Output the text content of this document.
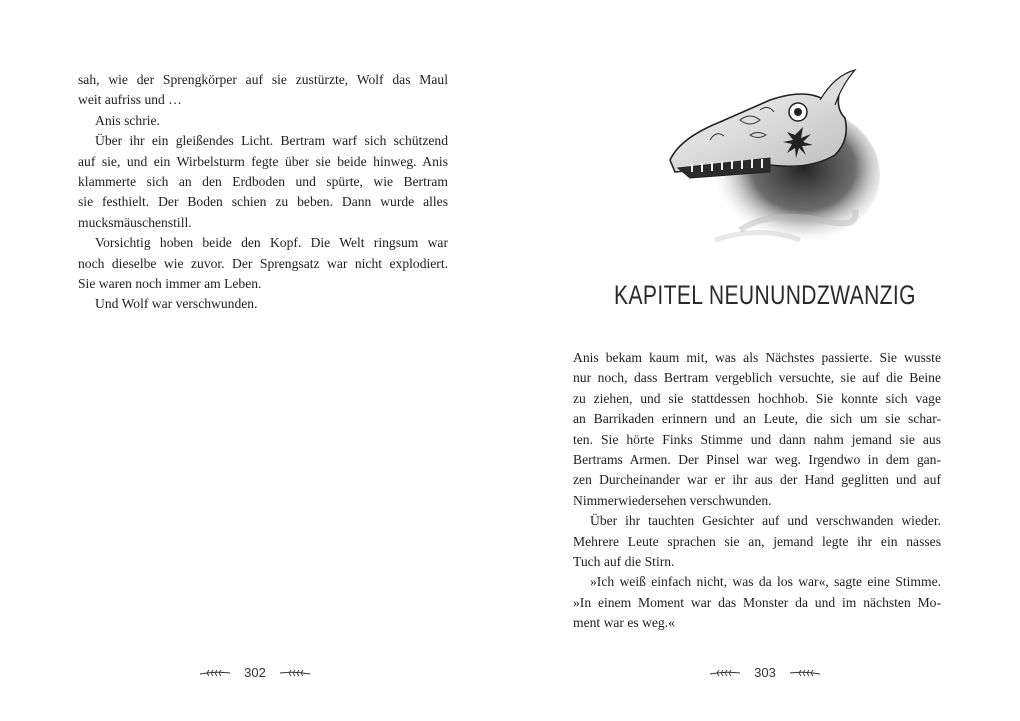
sah, wie der Sprengkörper auf sie zustürzte, Wolf das Maul
weit aufriss und …

Anis schrie.

Über ihr ein gleißendes Licht. Bertram warf sich schützend
auf sie, und ein Wirbelsturm fegte über sie beide hinweg. Anis
klammerte sich an den Erdboden und spürte, wie Bertram
sie festhielt. Der Boden schien zu beben. Dann wurde alles
mucksmäuschenstill.

Vorsichtig hoben beide den Kopf. Die Welt ringsum war
noch dieselbe wie zuvor. Der Sprengsatz war nicht explodiert.
Sie waren noch immer am Leben.

Und Wolf war verschwunden.

302
KAPITEL NEUNUNDZWANZIG

Anis bekam kaum mit, was als Nächstes passierte. Sie wusste
nur noch, dass Bertram vergeblich versuchte, sie auf die Beine
zu ziehen, und sie stattdessen hochhob. Sie konnte sich vage
an Barrikaden erinnern und an Leute, die sich um sie schar-
ten. Sie hörte Finks Stimme und dann nahm jemand sie aus
Bertrams Armen. Der Pinsel war weg. Irgendwo in dem gan-
zen Durcheinander war er ihr aus der Hand geglitten und auf
Nimmerwiedersehen verschwunden.

Über ihr tauchten Gesichter auf und verschwanden wieder.
Mehrere Leute sprachen sie an, jemand legte ihr ein nasses
Tuch auf die Stirn.

»Ich weiß einfach nicht, was da los war«, sagte eine Stimme.
»In einem Moment war das Monster da und im nächsten Mo-
ment war es weg.«

303
